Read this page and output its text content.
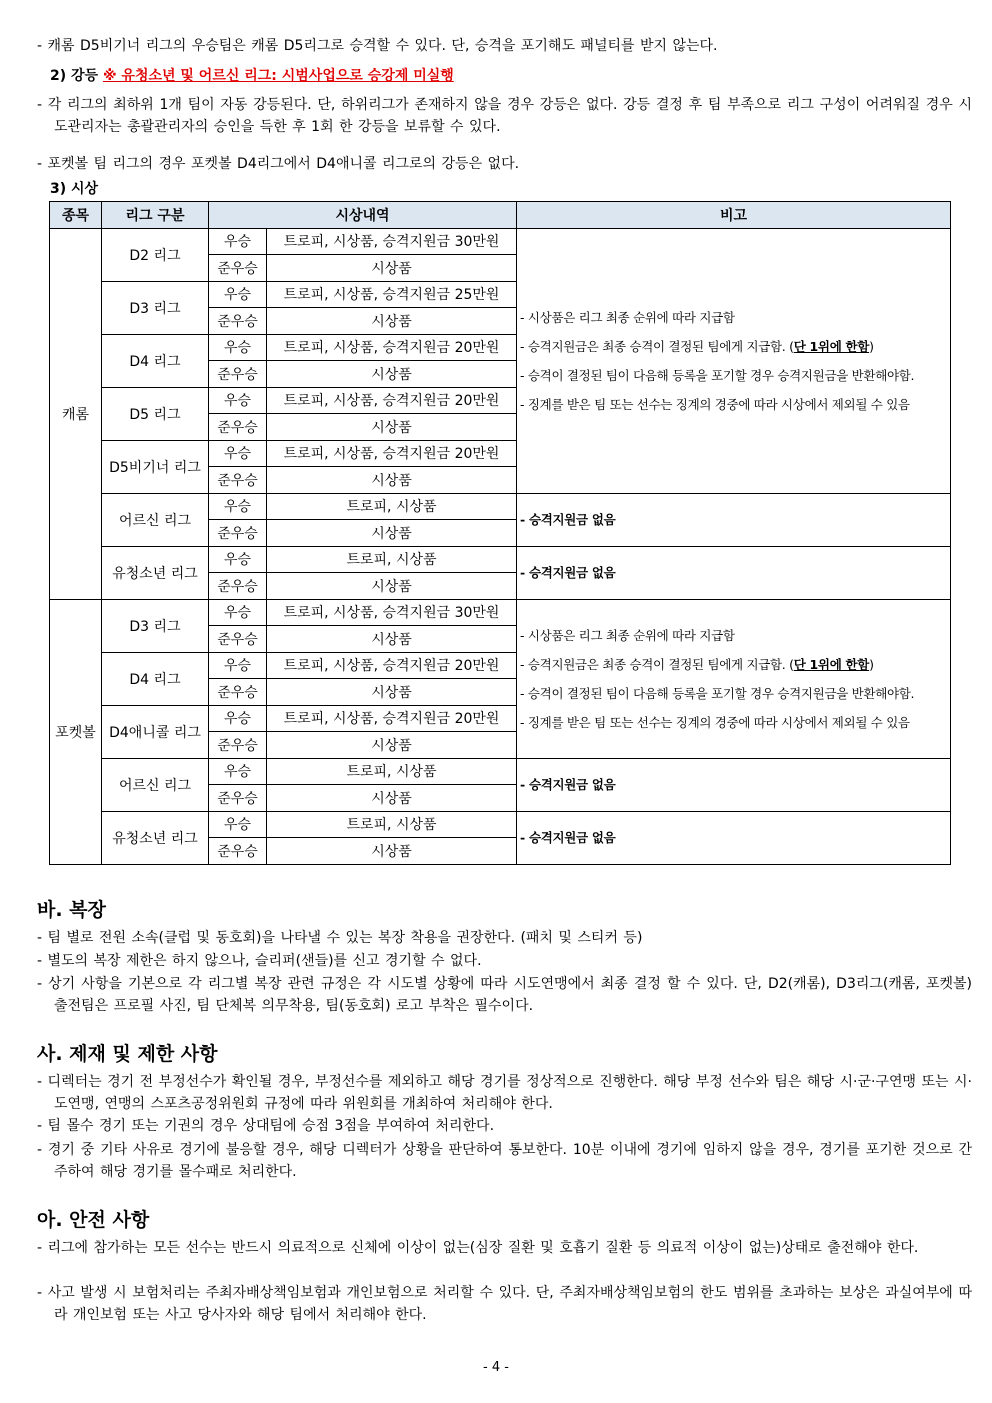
- 캐롬 D5비기너 리그의 우승팀은 캐롬 D5리그로 승격할 수 있다. 단, 승격을 포기해도 패널티를 받지 않는다.

2) 강등 ※ 유청소년 및 어르신 리그: 시범사업으로 승강제 미실행

- 각 리그의 최하위 1개 팀이 자동 강등된다. 단, 하위리그가 존재하지 않을 경우 강등은 없다. 강등 결정 후 팀 부족으로 리그 구성이 어려워질 경우 시도관리자는 총괄관리자의 승인을 득한 후 1회 한 강등을 보류할 수 있다.

- 포켓볼 팀 리그의 경우 포켓볼 D4리그에서 D4애니콜 리그로의 강등은 없다.

3) 시상

종목	리그 구분	시상내역		비고
캐롬	D2 리그	우승	트로피, 시상품, 승격지원금 30만원	- 시상품은 리그 최종 순위에 따라 지급함
- 승격지원금은 최종 승격이 결정된 팀에게 지급함. (단 1위에 한함)
- 승격이 결정된 팀이 다음해 등록을 포기할 경우 승격지원금을 반환해야함.
- 징계를 받은 팀 또는 선수는 징계의 경중에 따라 시상에서 제외될 수 있음

		준우승	시상품	
	D3 리그	우승	트로피, 시상품, 승격지원금 25만원	
		준우승	시상품	
	D4 리그	우승	트로피, 시상품, 승격지원금 20만원	
		준우승	시상품	
	D5 리그	우승	트로피, 시상품, 승격지원금 20만원	
		준우승	시상품	
	D5비기너 리그	우승	트로피, 시상품, 승격지원금 20만원	
		준우승	시상품	
	어르신 리그	우승	트로피, 시상품	- 승격지원금 없음
		준우승	시상품	
	유청소년 리그	우승	트로피, 시상품	- 승격지원금 없음
		준우승	시상품	
포켓볼	D3 리그	우승	트로피, 시상품, 승격지원금 30만원	- 시상품은 리그 최종 순위에 따라 지급함
- 승격지원금은 최종 승격이 결정된 팀에게 지급함. (단 1위에 한함)
- 승격이 결정된 팀이 다음해 등록을 포기할 경우 승격지원금을 반환해야함.
- 징계를 받은 팀 또는 선수는 징계의 경중에 따라 시상에서 제외될 수 있음

		준우승	시상품	
	D4 리그	우승	트로피, 시상품, 승격지원금 20만원	
		준우승	시상품	
	D4애니콜 리그	우승	트로피, 시상품, 승격지원금 20만원	
		준우승	시상품	
	어르신 리그	우승	트로피, 시상품	- 승격지원금 없음
		준우승	시상품	
	유청소년 리그	우승	트로피, 시상품	- 승격지원금 없음
		준우승	시상품	
바. 복장

- 팀 별로 전원 소속(클럽 및 동호회)을 나타낼 수 있는 복장 착용을 권장한다. (패치 및 스티커 등)

- 별도의 복장 제한은 하지 않으나, 슬리퍼(샌들)를 신고 경기할 수 없다.

- 상기 사항을 기본으로 각 리그별 복장 관련 규정은 각 시도별 상황에 따라 시도연맹에서 최종 결정 할 수 있다. 단, D2(캐롬), D3리그(캐롬, 포켓볼) 출전팀은 프로필 사진, 팀 단체복 의무착용, 팀(동호회) 로고 부착은 필수이다.

사. 제재 및 제한 사항

- 디렉터는 경기 전 부정선수가 확인될 경우, 부정선수를 제외하고 해당 경기를 정상적으로 진행한다. 해당 부정 선수와 팀은 해당 시·군·구연맹 또는 시·도연맹, 연맹의 스포츠공정위원회 규정에 따라 위원회를 개최하여 처리해야 한다.

- 팀 몰수 경기 또는 기권의 경우 상대팀에 승점 3점을 부여하여 처리한다.

- 경기 중 기타 사유로 경기에 불응할 경우, 해당 디렉터가 상황을 판단하여 통보한다. 10분 이내에 경기에 임하지 않을 경우, 경기를 포기한 것으로 간주하여 해당 경기를 몰수패로 처리한다.

아. 안전 사항

- 리그에 참가하는 모든 선수는 반드시 의료적으로 신체에 이상이 없는(심장 질환 및 호흡기 질환 등 의료적 이상이 없는)상태로 출전해야 한다.

- 사고 발생 시 보험처리는 주최자배상책임보험과 개인보험으로 처리할 수 있다. 단, 주최자배상책임보험의 한도 범위를 초과하는 보상은 과실여부에 따라 개인보험 또는 사고 당사자와 해당 팀에서 처리해야 한다.

- 4 -
